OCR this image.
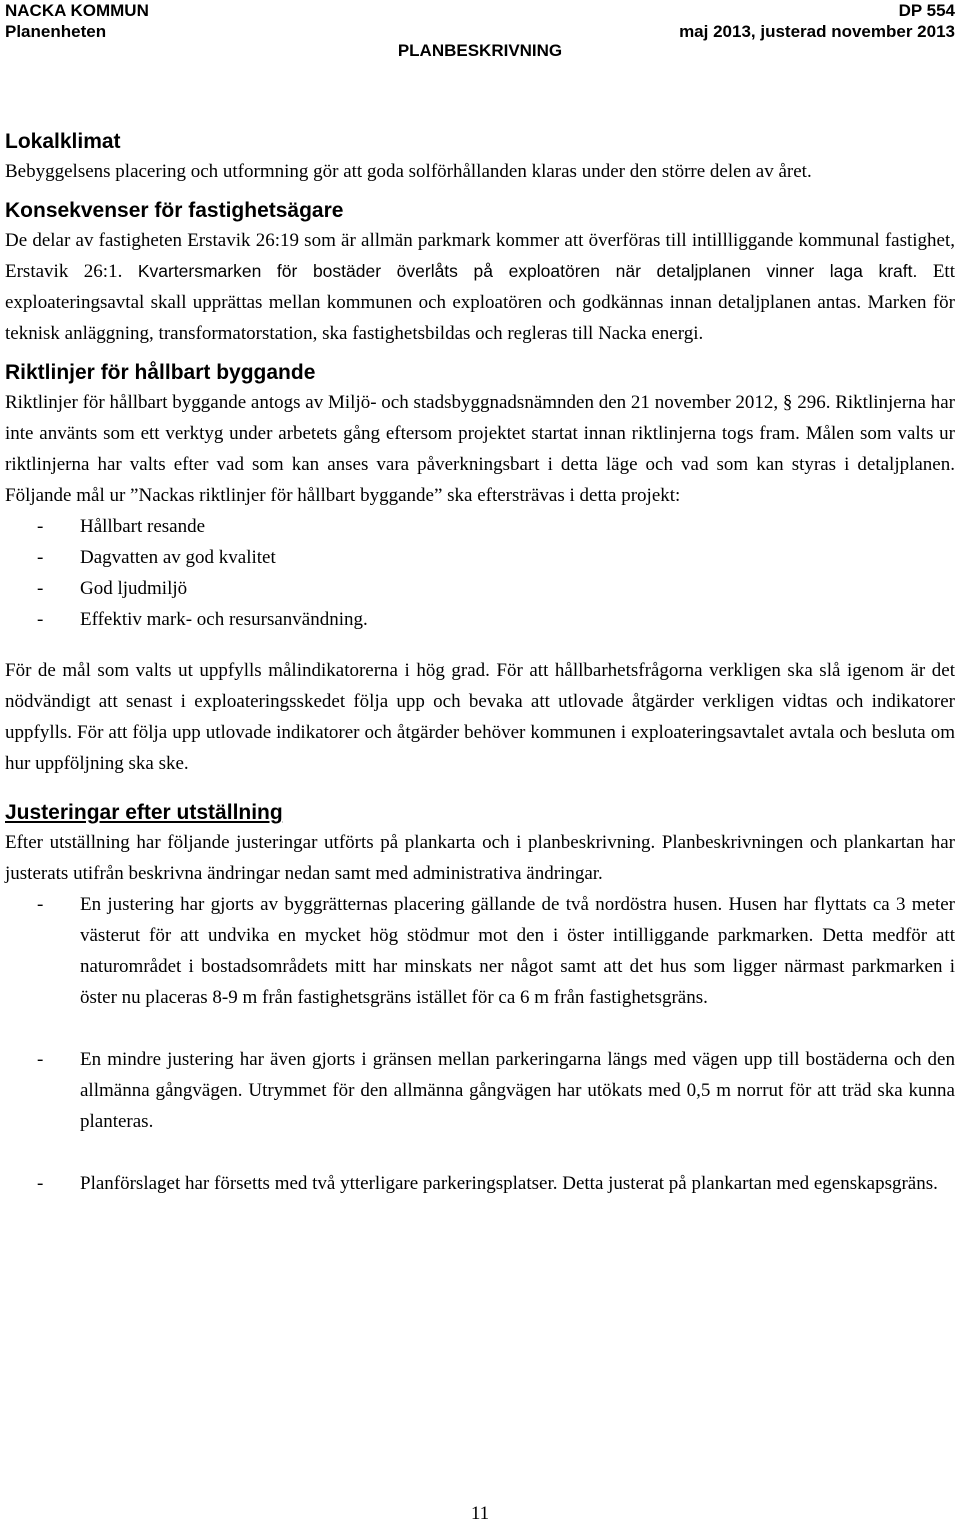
NACKA KOMMUN
Planenheten
DP 554
maj 2013, justerad november 2013
PLANBESKRIVNING
Lokalklimat

Bebyggelsens placering och utformning gör att goda solförhållanden klaras under den större delen av året.

Konsekvenser för fastighetsägare

De delar av fastigheten Erstavik 26:19 som är allmän parkmark kommer att överföras till intillliggande kommunal fastighet, Erstavik 26:1. Kvartersmarken för bostäder överlåts på exploatören när detaljplanen vinner laga kraft. Ett exploateringsavtal skall upprättas mellan kommunen och exploatören och godkännas innan detaljplanen antas. Marken för teknisk anläggning, transformatorstation, ska fastighetsbildas och regleras till Nacka energi.

Riktlinjer för hållbart byggande

Riktlinjer för hållbart byggande antogs av Miljö- och stadsbyggnadsnämnden den 21 november 2012, § 296. Riktlinjerna har inte använts som ett verktyg under arbetets gång eftersom projektet startat innan riktlinjerna togs fram. Målen som valts ur riktlinjerna har valts efter vad som kan anses vara påverkningsbart i detta läge och vad som kan styras i detaljplanen. Följande mål ur ”Nackas riktlinjer för hållbart byggande” ska eftersträvas i detta projekt:

- Hållbart resande
- Dagvatten av god kvalitet
- God ljudmiljö
- Effektiv mark- och resursanvändning.

För de mål som valts ut uppfylls målindikatorerna i hög grad. För att hållbarhetsfrågorna verkligen ska slå igenom är det nödvändigt att senast i exploateringsskedet följa upp och bevaka att utlovade åtgärder verkligen vidtas och indikatorer uppfylls. För att följa upp utlovade indikatorer och åtgärder behöver kommunen i exploateringsavtalet avtala och besluta om hur uppföljning ska ske.

Justeringar efter utställning

Efter utställning har följande justeringar utförts på plankarta och i planbeskrivning. Planbeskrivningen och plankartan har justerats utifrån beskrivna ändringar nedan samt med administrativa ändringar.

- En justering har gjorts av byggrätternas placering gällande de två nordöstra husen. Husen har flyttats ca 3 meter västerut för att undvika en mycket hög stödmur mot den i öster intilliggande parkmarken. Detta medför att naturområdet i bostadsområdets mitt har minskats ner något samt att det hus som ligger närmast parkmarken i öster nu placeras 8-9 m från fastighetsgräns istället för ca 6 m från fastighetsgräns.
- En mindre justering har även gjorts i gränsen mellan parkeringarna längs med vägen upp till bostäderna och den allmänna gångvägen. Utrymmet för den allmänna gångvägen har utökats med 0,5 m norrut för att träd ska kunna planteras.
- Planförslaget har försetts med två ytterligare parkeringsplatser. Detta justerat på plankartan med egenskapsgräns.
11
